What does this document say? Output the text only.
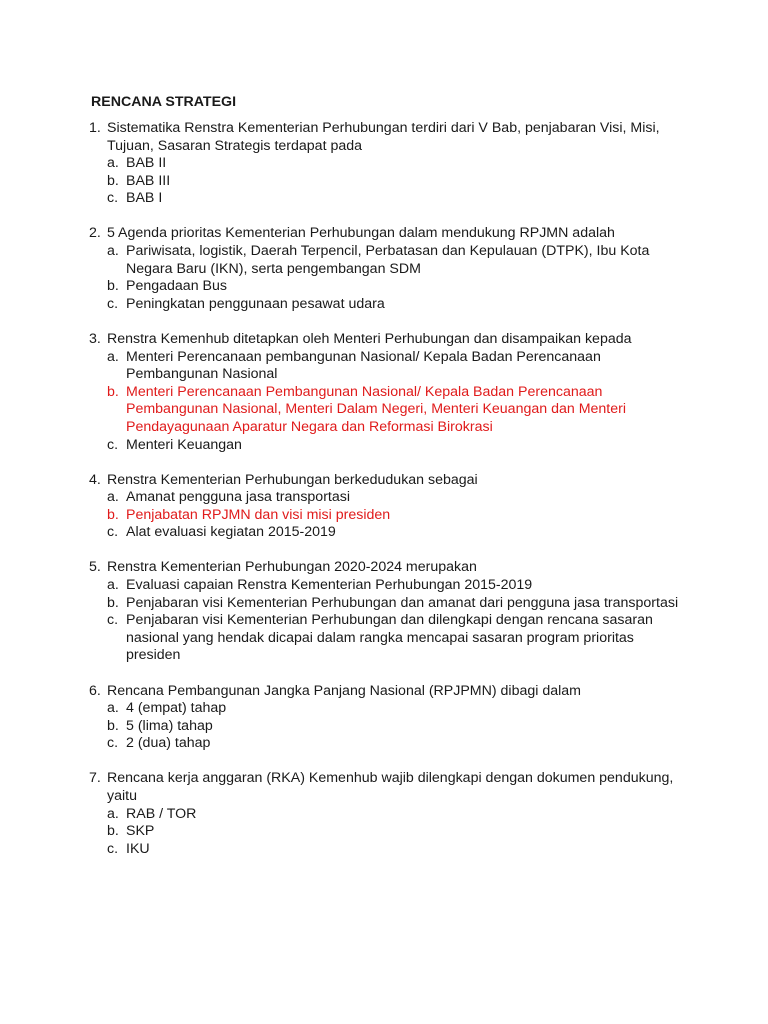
RENCANA STRATEGI
1. Sistematika Renstra Kementerian Perhubungan terdiri dari V Bab, penjabaran Visi, Misi, Tujuan, Sasaran Strategis terdapat pada
a. BAB II
b. BAB III
c. BAB I
2. 5 Agenda prioritas Kementerian Perhubungan dalam mendukung RPJMN adalah
a. Pariwisata, logistik, Daerah Terpencil, Perbatasan dan Kepulauan (DTPK), Ibu Kota Negara Baru (IKN), serta pengembangan SDM
b. Pengadaan Bus
c. Peningkatan penggunaan pesawat udara
3. Renstra Kemenhub ditetapkan oleh Menteri Perhubungan dan disampaikan kepada
a. Menteri Perencanaan pembangunan Nasional/ Kepala Badan Perencanaan Pembangunan Nasional
b. Menteri Perencanaan Pembangunan Nasional/ Kepala Badan Perencanaan Pembangunan Nasional, Menteri Dalam Negeri, Menteri Keuangan dan Menteri Pendayagunaan Aparatur Negara dan Reformasi Birokrasi
c. Menteri Keuangan
4. Renstra Kementerian Perhubungan berkedudukan sebagai
a. Amanat pengguna jasa transportasi
b. Penjabatan RPJMN dan visi misi presiden
c. Alat evaluasi kegiatan 2015-2019
5. Renstra Kementerian Perhubungan 2020-2024 merupakan
a. Evaluasi capaian Renstra Kementerian Perhubungan 2015-2019
b. Penjabaran visi Kementerian Perhubungan dan amanat dari pengguna jasa transportasi
c. Penjabaran visi Kementerian Perhubungan dan dilengkapi dengan rencana sasaran nasional yang hendak dicapai dalam rangka mencapai sasaran program prioritas presiden
6. Rencana Pembangunan Jangka Panjang Nasional (RPJPMN) dibagi dalam
a. 4 (empat) tahap
b. 5 (lima) tahap
c. 2 (dua) tahap
7. Rencana kerja anggaran (RKA) Kemenhub wajib dilengkapi dengan dokumen pendukung, yaitu
a. RAB / TOR
b. SKP
c. IKU
